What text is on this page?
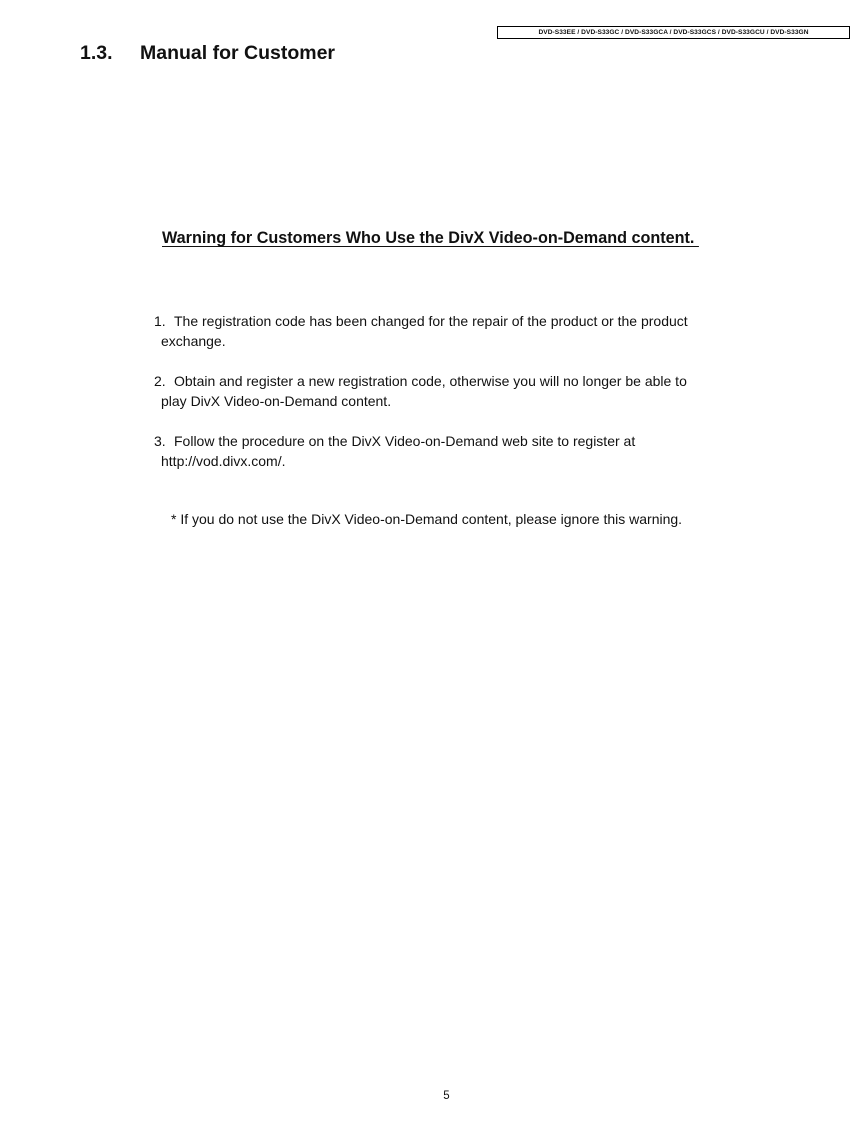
DVD-S33EE / DVD-S33GC / DVD-S33GCA / DVD-S33GCS / DVD-S33GCU / DVD-S33GN
1.3. Manual for Customer
Warning for Customers Who Use the DivX Video-on-Demand content.
1. The registration code has been changed for the repair of the product or the product
exchange.
2. Obtain and register a new registration code, otherwise you will no longer be able to
play DivX Video-on-Demand content.
3. Follow the procedure on the DivX Video-on-Demand web site to register at
http://vod.divx.com/.
* If you do not use the DivX Video-on-Demand content, please ignore this warning.
5
